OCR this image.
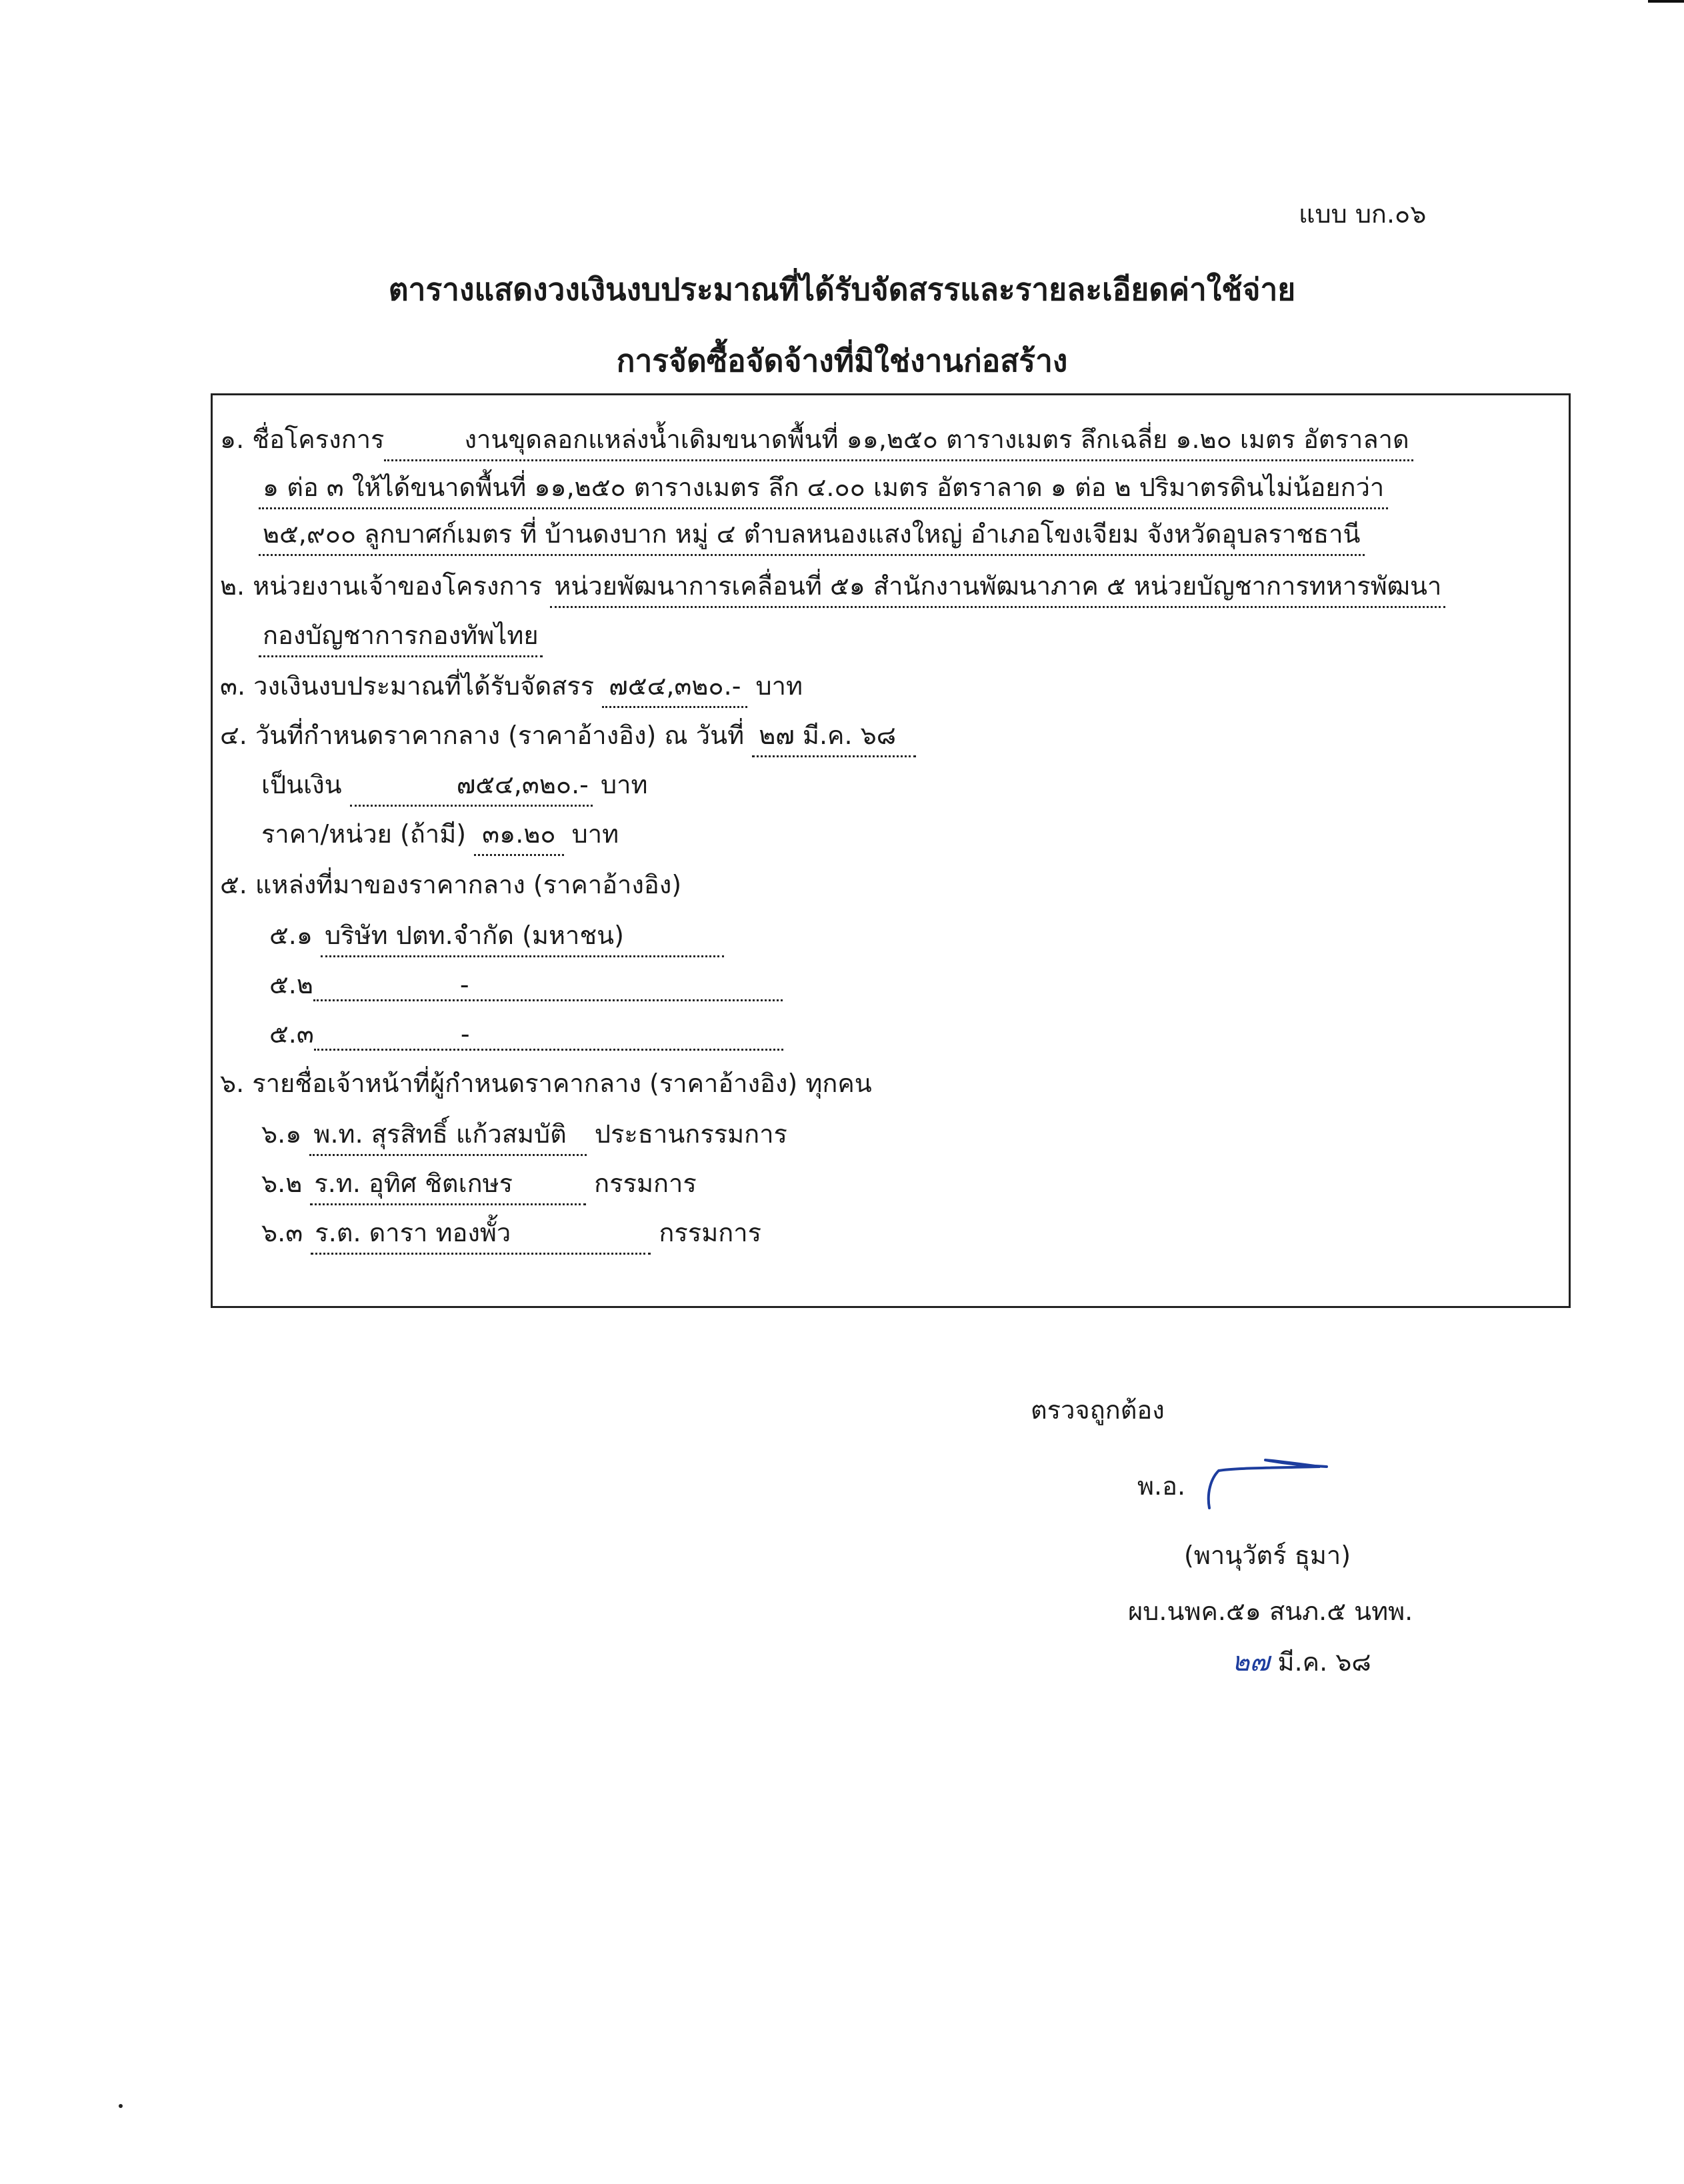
แบบ บก.๐๖
ตารางแสดงวงเงินงบประมาณที่ได้รับจัดสรรและรายละเอียดค่าใช้จ่าย
การจัดซื้อจัดจ้างที่มิใช่งานก่อสร้าง
๑. ชื่อโครงการ	งานขุดลอกแหล่งน้ำเดิมขนาดพื้นที่ ๑๑,๒๕๐ ตารางเมตร ลึกเฉลี่ย ๑.๒๐ เมตร อัตราลาด
๑ ต่อ ๓ ให้ได้ขนาดพื้นที่ ๑๑,๒๕๐ ตารางเมตร ลึก ๔.๐๐ เมตร อัตราลาด ๑ ต่อ ๒ ปริมาตรดินไม่น้อยกว่า
๒๕,๙๐๐ ลูกบาศก์เมตร ที่ บ้านดงบาก หมู่ ๔ ตำบลหนองแสงใหญ่ อำเภอโขงเจียม จังหวัดอุบลราชธานี
๒. หน่วยงานเจ้าของโครงการ หน่วยพัฒนาการเคลื่อนที่ ๕๑ สำนักงานพัฒนาภาค ๕ หน่วยบัญชาการทหารพัฒนา
กองบัญชาการกองทัพไทย
๓. วงเงินงบประมาณที่ได้รับจัดสรร ๗๕๔,๓๒๐.- บาท
๔. วันที่กำหนดราคากลาง (ราคาอ้างอิง) ณ วันที่ ๒๗ มี.ค. ๖๘
เป็นเงิน	๗๕๔,๓๒๐.- บาท
ราคา/หน่วย (ถ้ามี) ๓๑.๒๐ บาท
๕. แหล่งที่มาของราคากลาง (ราคาอ้างอิง)
๕.๑ บริษัท ปตท.จำกัด (มหาชน)
๕.๒	-
๕.๓	-
๖. รายชื่อเจ้าหน้าที่ผู้กำหนดราคากลาง (ราคาอ้างอิง) ทุกคน
๖.๑ พ.ท. สุรสิทธิ์ แก้วสมบัติ ประธานกรรมการ
๖.๒ ร.ท. อุทิศ ชิตเกษร	กรรมการ
๖.๓ ร.ต. ดารา ทองพั้ว	กรรมการ
ตรวจถูกต้อง
พ.อ.
(พานุวัตร์ ธุมา)
ผบ.นพค.๕๑ สนภ.๕ นทพ.
๒๗ มี.ค. ๖๘
